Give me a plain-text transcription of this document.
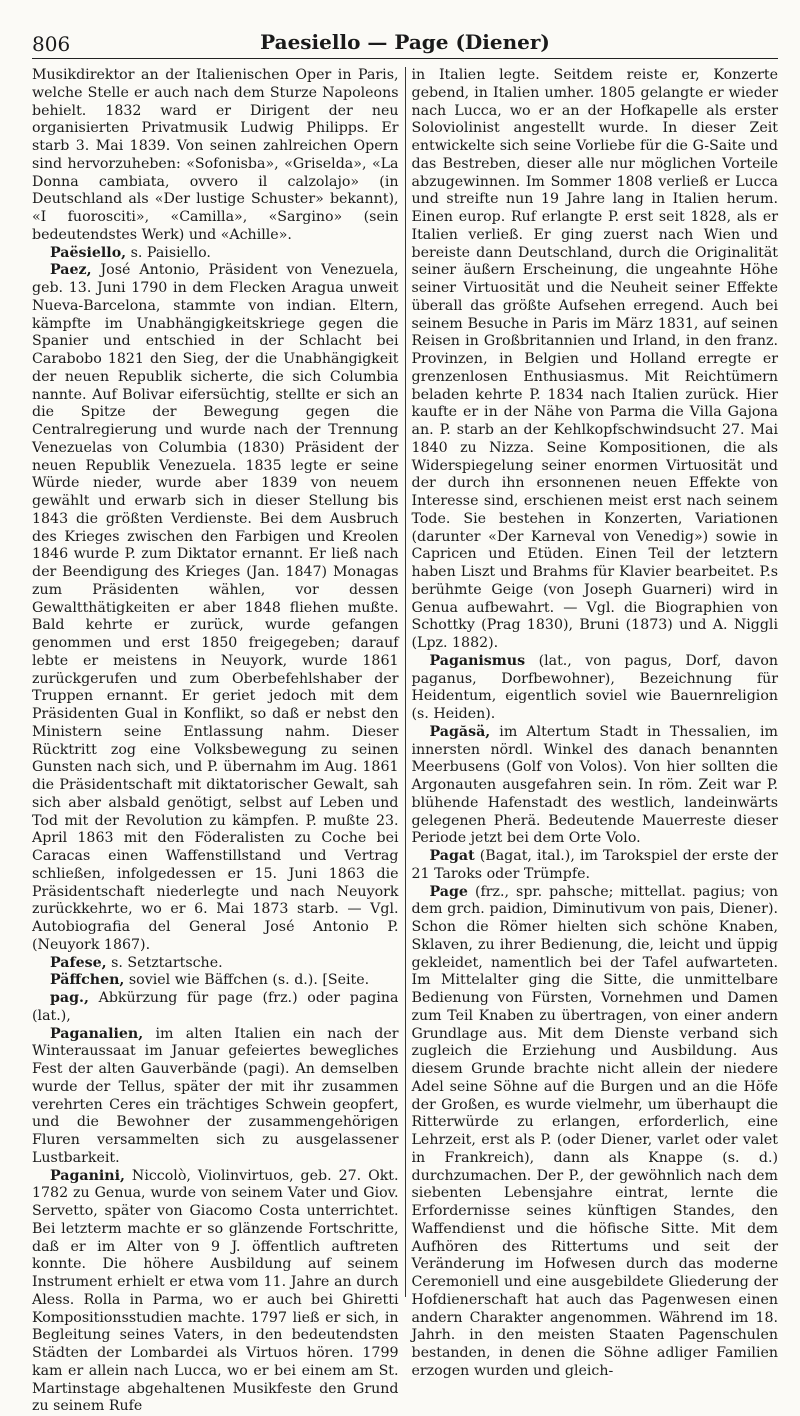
806	Paesiello — Page (Diener)

Musikdirektor an der Italienischen Oper in Paris, welche Stelle er auch nach dem Sturze Napoleons behielt. 1832 ward er Dirigent der neu organisierten Privatmusik Ludwig Philipps. Er starb 3. Mai 1839. Von seinen zahlreichen Opern sind hervorzuheben: «Sofonisba», «Griselda», «La Donna cambiata, ovvero il calzolajo» (in Deutschland als «Der lustige Schuster» bekannt), «I fuorosciti», «Camilla», «Sargino» (sein bedeutendstes Werk) und «Achille».

Paësiello, s. Paisiello.

Paez, José Antonio, Präsident von Venezuela, geb. 13. Juni 1790 in dem Flecken Aragua unweit Nueva-Barcelona, stammte von indian. Eltern, kämpfte im Unabhängigkeitskriege gegen die Spanier und entschied in der Schlacht bei Carabobo 1821 den Sieg, der die Unabhängigkeit der neuen Republik sicherte, die sich Columbia nannte. Auf Bolivar eifersüchtig, stellte er sich an die Spitze der Bewegung gegen die Centralregierung und wurde nach der Trennung Venezuelas von Columbia (1830) Präsident der neuen Republik Venezuela. 1835 legte er seine Würde nieder, wurde aber 1839 von neuem gewählt und erwarb sich in dieser Stellung bis 1843 die größten Verdienste. Bei dem Ausbruch des Krieges zwischen den Farbigen und Kreolen 1846 wurde P. zum Diktator ernannt. Er ließ nach der Beendigung des Krieges (Jan. 1847) Monagas zum Präsidenten wählen, vor dessen Gewaltthätigkeiten er aber 1848 fliehen mußte. Bald kehrte er zurück, wurde gefangen genommen und erst 1850 freigegeben; darauf lebte er meistens in Neuyork, wurde 1861 zurückgerufen und zum Oberbefehlshaber der Truppen ernannt. Er geriet jedoch mit dem Präsidenten Gual in Konflikt, so daß er nebst den Ministern seine Entlassung nahm. Dieser Rücktritt zog eine Volksbewegung zu seinen Gunsten nach sich, und P. übernahm im Aug. 1861 die Präsidentschaft mit diktatorischer Gewalt, sah sich aber alsbald genötigt, selbst auf Leben und Tod mit der Revolution zu kämpfen. P. mußte 23. April 1863 mit den Föderalisten zu Coche bei Caracas einen Waffenstillstand und Vertrag schließen, infolgedessen er 15. Juni 1863 die Präsidentschaft niederlegte und nach Neuyork zurückkehrte, wo er 6. Mai 1873 starb. — Vgl. Autobiografia del General José Antonio P. (Neuyork 1867).

Pafese, s. Setztartsche.

Päffchen, soviel wie Bäffchen (s. d.). [Seite.

pag., Abkürzung für page (frz.) oder pagina (lat.),

Paganalien, im alten Italien ein nach der Winteraussaat im Januar gefeiertes bewegliches Fest der alten Gauverbände (pagi). An demselben wurde der Tellus, später der mit ihr zusammen verehrten Ceres ein trächtiges Schwein geopfert, und die Bewohner der zusammengehörigen Fluren versammelten sich zu ausgelassener Lustbarkeit.

Paganini, Niccolò, Violinvirtuos, geb. 27. Okt. 1782 zu Genua, wurde von seinem Vater und Giov. Servetto, später von Giacomo Costa unterrichtet. Bei letzterm machte er so glänzende Fortschritte, daß er im Alter von 9 J. öffentlich auftreten konnte. Die höhere Ausbildung auf seinem Instrument erhielt er etwa vom 11. Jahre an durch Aless. Rolla in Parma, wo er auch bei Ghiretti Kompositionsstudien machte. 1797 ließ er sich, in Begleitung seines Vaters, in den bedeutendsten Städten der Lombardei als Virtuos hören. 1799 kam er allein nach Lucca, wo er bei einem am St. Martinstage abgehaltenen Musikfeste den Grund zu seinem Rufe

in Italien legte. Seitdem reiste er, Konzerte gebend, in Italien umher. 1805 gelangte er wieder nach Lucca, wo er an der Hofkapelle als erster Soloviolinist angestellt wurde. In dieser Zeit entwickelte sich seine Vorliebe für die G-Saite und das Bestreben, dieser alle nur möglichen Vorteile abzugewinnen. Im Sommer 1808 verließ er Lucca und streifte nun 19 Jahre lang in Italien herum. Einen europ. Ruf erlangte P. erst seit 1828, als er Italien verließ. Er ging zuerst nach Wien und bereiste dann Deutschland, durch die Originalität seiner äußern Erscheinung, die ungeahnte Höhe seiner Virtuosität und die Neuheit seiner Effekte überall das größte Aufsehen erregend. Auch bei seinem Besuche in Paris im März 1831, auf seinen Reisen in Großbritannien und Irland, in den franz. Provinzen, in Belgien und Holland erregte er grenzenlosen Enthusiasmus. Mit Reichtümern beladen kehrte P. 1834 nach Italien zurück. Hier kaufte er in der Nähe von Parma die Villa Gajona an. P. starb an der Kehlkopfschwindsucht 27. Mai 1840 zu Nizza. Seine Kompositionen, die als Widerspiegelung seiner enormen Virtuosität und der durch ihn ersonnenen neuen Effekte von Interesse sind, erschienen meist erst nach seinem Tode. Sie bestehen in Konzerten, Variationen (darunter «Der Karneval von Venedig») sowie in Capricen und Etüden. Einen Teil der letztern haben Liszt und Brahms für Klavier bearbeitet. P.s berühmte Geige (von Joseph Guarneri) wird in Genua aufbewahrt. — Vgl. die Biographien von Schottky (Prag 1830), Bruni (1873) und A. Niggli (Lpz. 1882).

Paganismus (lat., von pagus, Dorf, davon paganus, Dorfbewohner), Bezeichnung für Heidentum, eigentlich soviel wie Bauernreligion (s. Heiden).

Pagăsä, im Altertum Stadt in Thessalien, im innersten nördl. Winkel des danach benannten Meerbusens (Golf von Volos). Von hier sollten die Argonauten ausgefahren sein. In röm. Zeit war P. blühende Hafenstadt des westlich, landeinwärts gelegenen Pherä. Bedeutende Mauerreste dieser Periode jetzt bei dem Orte Volo.

Pagat (Bagat, ital.), im Tarokspiel der erste der 21 Taroks oder Trümpfe.

Page (frz., spr. pahsche; mittellat. pagius; von dem grch. paidion, Diminutivum von pais, Diener). Schon die Römer hielten sich schöne Knaben, Sklaven, zu ihrer Bedienung, die, leicht und üppig gekleidet, namentlich bei der Tafel aufwarteten. Im Mittelalter ging die Sitte, die unmittelbare Bedienung von Fürsten, Vornehmen und Damen zum Teil Knaben zu übertragen, von einer andern Grundlage aus. Mit dem Dienste verband sich zugleich die Erziehung und Ausbildung. Aus diesem Grunde brachte nicht allein der niedere Adel seine Söhne auf die Burgen und an die Höfe der Großen, es wurde vielmehr, um überhaupt die Ritterwürde zu erlangen, erforderlich, eine Lehrzeit, erst als P. (oder Diener, varlet oder valet in Frankreich), dann als Knappe (s. d.) durchzumachen. Der P., der gewöhnlich nach dem siebenten Lebensjahre eintrat, lernte die Erfordernisse seines künftigen Standes, den Waffendienst und die höfische Sitte. Mit dem Aufhören des Rittertums und seit der Veränderung im Hofwesen durch das moderne Ceremoniell und eine ausgebildete Gliederung der Hofdienerschaft hat auch das Pagenwesen einen andern Charakter angenommen. Während im 18. Jahrh. in den meisten Staaten Pagenschulen bestanden, in denen die Söhne adliger Familien erzogen wurden und gleich-
